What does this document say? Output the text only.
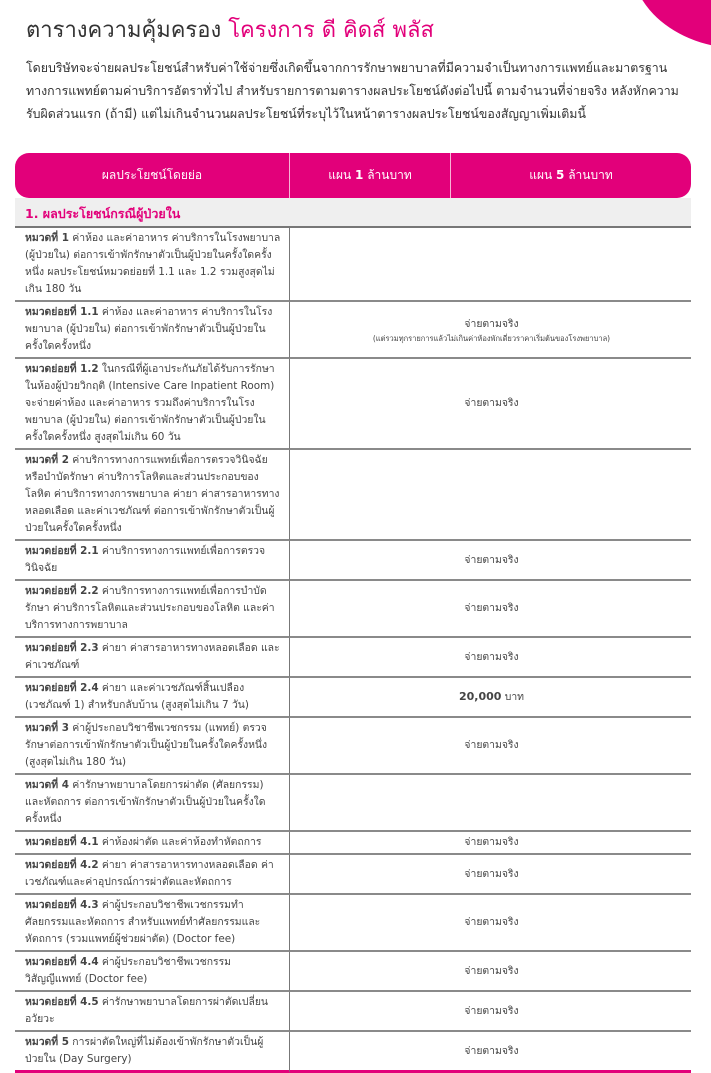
ตารางความคุ้มครอง โครงการ ดี คิดส์ พลัส

โดยบริษัทจะจ่ายผลประโยชน์สำหรับค่าใช้จ่ายซึ่งเกิดขึ้นจากการรักษาพยาบาลที่มีความจำเป็นทางการแพทย์และมาตรฐานทางการแพทย์ตามค่าบริการอัตราทั่วไป สำหรับรายการตามตารางผลประโยชน์ดังต่อไปนี้ ตามจำนวนที่จ่ายจริง หลังหักความรับผิดส่วนแรก (ถ้ามี) แต่ไม่เกินจำนวนผลประโยชน์ที่ระบุไว้ในหน้าตารางผลประโยชน์ของสัญญาเพิ่มเติมนี้

ผลประโยชน์โดยย่อ	แผน 1 ล้านบาท	แผน 5 ล้านบาท
1. ผลประโยชน์กรณีผู้ป่วยใน		
หมวดที่ 1 ค่าห้อง และค่าอาหาร ค่าบริการในโรงพยาบาล (ผู้ป่วยใน) ต่อการเข้าพักรักษาตัวเป็นผู้ป่วยในครั้งใดครั้งหนึ่ง ผลประโยชน์หมวดย่อยที่ 1.1 และ 1.2 รวมสูงสุดไม่เกิน 180 วัน		
หมวดย่อยที่ 1.1 ค่าห้อง และค่าอาหาร ค่าบริการในโรงพยาบาล (ผู้ป่วยใน) ต่อการเข้าพักรักษาตัวเป็นผู้ป่วยในครั้งใดครั้งหนึ่ง	จ่ายตามจริง
(แต่รวมทุกรายการแล้วไม่เกินค่าห้องพักเดี่ยวราคาเริ่มต้นของโรงพยาบาล)	

หมวดย่อยที่ 1.2 ในกรณีที่ผู้เอาประกันภัยได้รับการรักษาในห้องผู้ป่วยวิกฤติ (Intensive Care Inpatient Room) จะจ่ายค่าห้อง และค่าอาหาร รวมถึงค่าบริการในโรงพยาบาล (ผู้ป่วยใน) ต่อการเข้าพักรักษาตัวเป็นผู้ป่วยในครั้งใดครั้งหนึ่ง สูงสุดไม่เกิน 60 วัน	จ่ายตามจริง	
หมวดที่ 2 ค่าบริการทางการแพทย์เพื่อการตรวจวินิจฉัยหรือบำบัดรักษา ค่าบริการโลหิตและส่วนประกอบของโลหิต ค่าบริการทางการพยาบาล ค่ายา ค่าสารอาหารทางหลอดเลือด และค่าเวชภัณฑ์ ต่อการเข้าพักรักษาตัวเป็นผู้ป่วยในครั้งใดครั้งหนึ่ง		
หมวดย่อยที่ 2.1 ค่าบริการทางการแพทย์เพื่อการตรวจวินิจฉัย	จ่ายตามจริง	
หมวดย่อยที่ 2.2 ค่าบริการทางการแพทย์เพื่อการบำบัดรักษา ค่าบริการโลหิตและส่วนประกอบของโลหิต และค่าบริการทางการพยาบาล	จ่ายตามจริง	
หมวดย่อยที่ 2.3 ค่ายา ค่าสารอาหารทางหลอดเลือด และค่าเวชภัณฑ์	จ่ายตามจริง	
หมวดย่อยที่ 2.4 ค่ายา และค่าเวชภัณฑ์สิ้นเปลือง (เวชภัณฑ์ 1) สำหรับกลับบ้าน (สูงสุดไม่เกิน 7 วัน)	20,000 บาท	
หมวดที่ 3 ค่าผู้ประกอบวิชาชีพเวชกรรม (แพทย์) ตรวจรักษาต่อการเข้าพักรักษาตัวเป็นผู้ป่วยในครั้งใดครั้งหนึ่ง (สูงสุดไม่เกิน 180 วัน)	จ่ายตามจริง	
หมวดที่ 4 ค่ารักษาพยาบาลโดยการผ่าตัด (ศัลยกรรม) และหัตถการ ต่อการเข้าพักรักษาตัวเป็นผู้ป่วยในครั้งใดครั้งหนึ่ง		
หมวดย่อยที่ 4.1 ค่าห้องผ่าตัด และค่าห้องทำหัตถการ	จ่ายตามจริง	
หมวดย่อยที่ 4.2 ค่ายา ค่าสารอาหารทางหลอดเลือด ค่าเวชภัณฑ์และค่าอุปกรณ์การผ่าตัดและหัตถการ	จ่ายตามจริง	
หมวดย่อยที่ 4.3 ค่าผู้ประกอบวิชาชีพเวชกรรมทำศัลยกรรมและหัตถการ สำหรับแพทย์ทำศัลยกรรมและหัตถการ (รวมแพทย์ผู้ช่วยผ่าตัด) (Doctor fee)	จ่ายตามจริง	
หมวดย่อยที่ 4.4 ค่าผู้ประกอบวิชาชีพเวชกรรมวิสัญญีแพทย์ (Doctor fee)	จ่ายตามจริง	
หมวดย่อยที่ 4.5 ค่ารักษาพยาบาลโดยการผ่าตัดเปลี่ยนอวัยวะ	จ่ายตามจริง	
หมวดที่ 5 การผ่าตัดใหญ่ที่ไม่ต้องเข้าพักรักษาตัวเป็นผู้ป่วยใน (Day Surgery)	จ่ายตามจริง	
